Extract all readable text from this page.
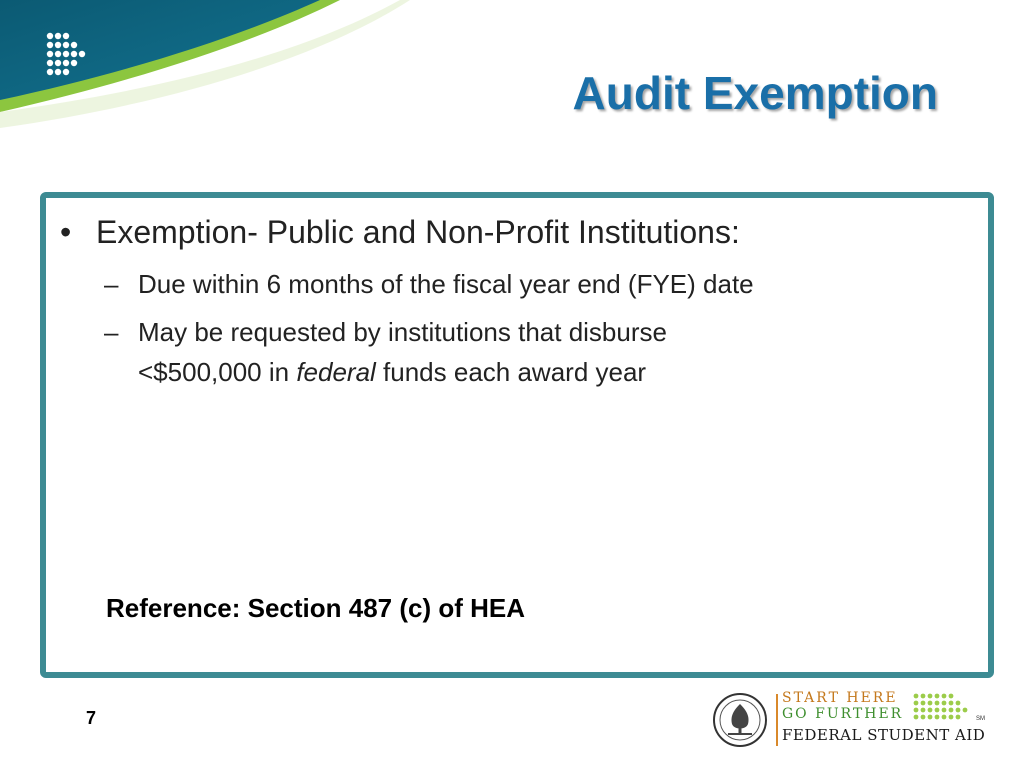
Audit Exemption
• Exemption- Public and Non-Profit Institutions:
– Due within 6 months of the fiscal year end (FYE) date
– May be requested by institutions that disburse
<$500,000 in federal funds each award year
Reference: Section 487 (c) of HEA
7
START HERE
GO FURTHER
FEDERAL STUDENT AID
SM
